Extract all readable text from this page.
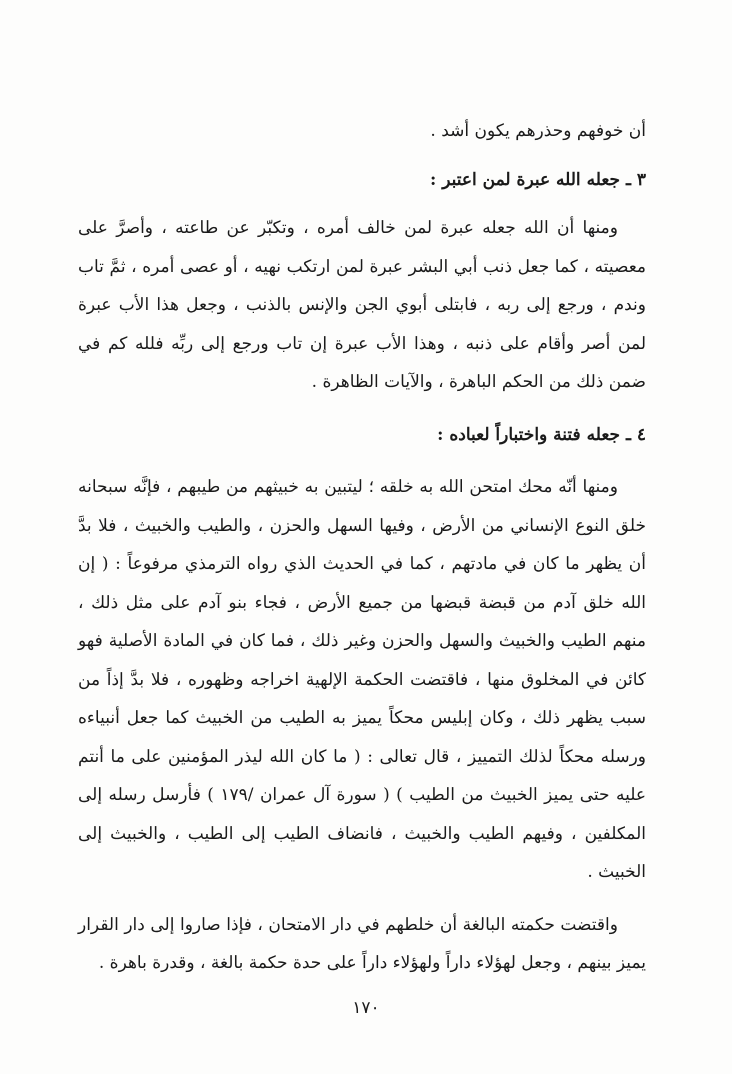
أن خوفهم وحذرهم يكون أشد .

٣ ـ جعله الله عبرة لمن اعتبر :

ومنها أن الله جعله عبرة لمن خالف أمره ، وتكبّر عن طاعته ، وأصرَّ على معصيته ، كما جعل ذنب أبي البشر عبرة لمن ارتكب نهيه ، أو عصى أمره ، ثمَّ تاب وندم ، ورجع إلى ربه ، فابتلى أبوي الجن والإنس بالذنب ، وجعل هذا الأب عبرة لمن أصر وأقام على ذنبه ، وهذا الأب عبرة إن تاب ورجع إلى ربِّه فلله كم في ضمن ذلك من الحكم الباهرة ، والآيات الظاهرة .

٤ ـ جعله فتنة واختباراً لعباده :

ومنها أنّه محك امتحن الله به خلقه ؛ ليتبين به خبيثهم من طيبهم ، فإنَّه سبحانه خلق النوع الإنساني من الأرض ، وفيها السهل والحزن ، والطيب والخبيث ، فلا بدَّ أن يظهر ما كان في مادتهم ، كما في الحديث الذي رواه الترمذي مرفوعاً : ( إن الله خلق آدم من قبضة قبضها من جميع الأرض ، فجاء بنو آدم على مثل ذلك ، منهم الطيب والخبيث والسهل والحزن وغير ذلك ، فما كان في المادة الأصلية فهو كائن في المخلوق منها ، فاقتضت الحكمة الإلهية اخراجه وظهوره ، فلا بدَّ إذاً من سبب يظهر ذلك ، وكان إبليس محكاً يميز به الطيب من الخبيث كما جعل أنبياءه ورسله محكاً لذلك التمييز ، قال تعالى : ( ما كان الله ليذر المؤمنين على ما أنتم عليه حتى يميز الخبيث من الطيب ) ( سورة آل عمران /١٧٩ ) فأرسل رسله إلى المكلفين ، وفيهم الطيب والخبيث ، فانضاف الطيب إلى الطيب ، والخبيث إلى الخبيث .

واقتضت حكمته البالغة أن خلطهم في دار الامتحان ، فإذا صاروا إلى دار القرار يميز بينهم ، وجعل لهؤلاء داراً ولهؤلاء داراً على حدة حكمة بالغة ، وقدرة باهرة .

١٧٠
